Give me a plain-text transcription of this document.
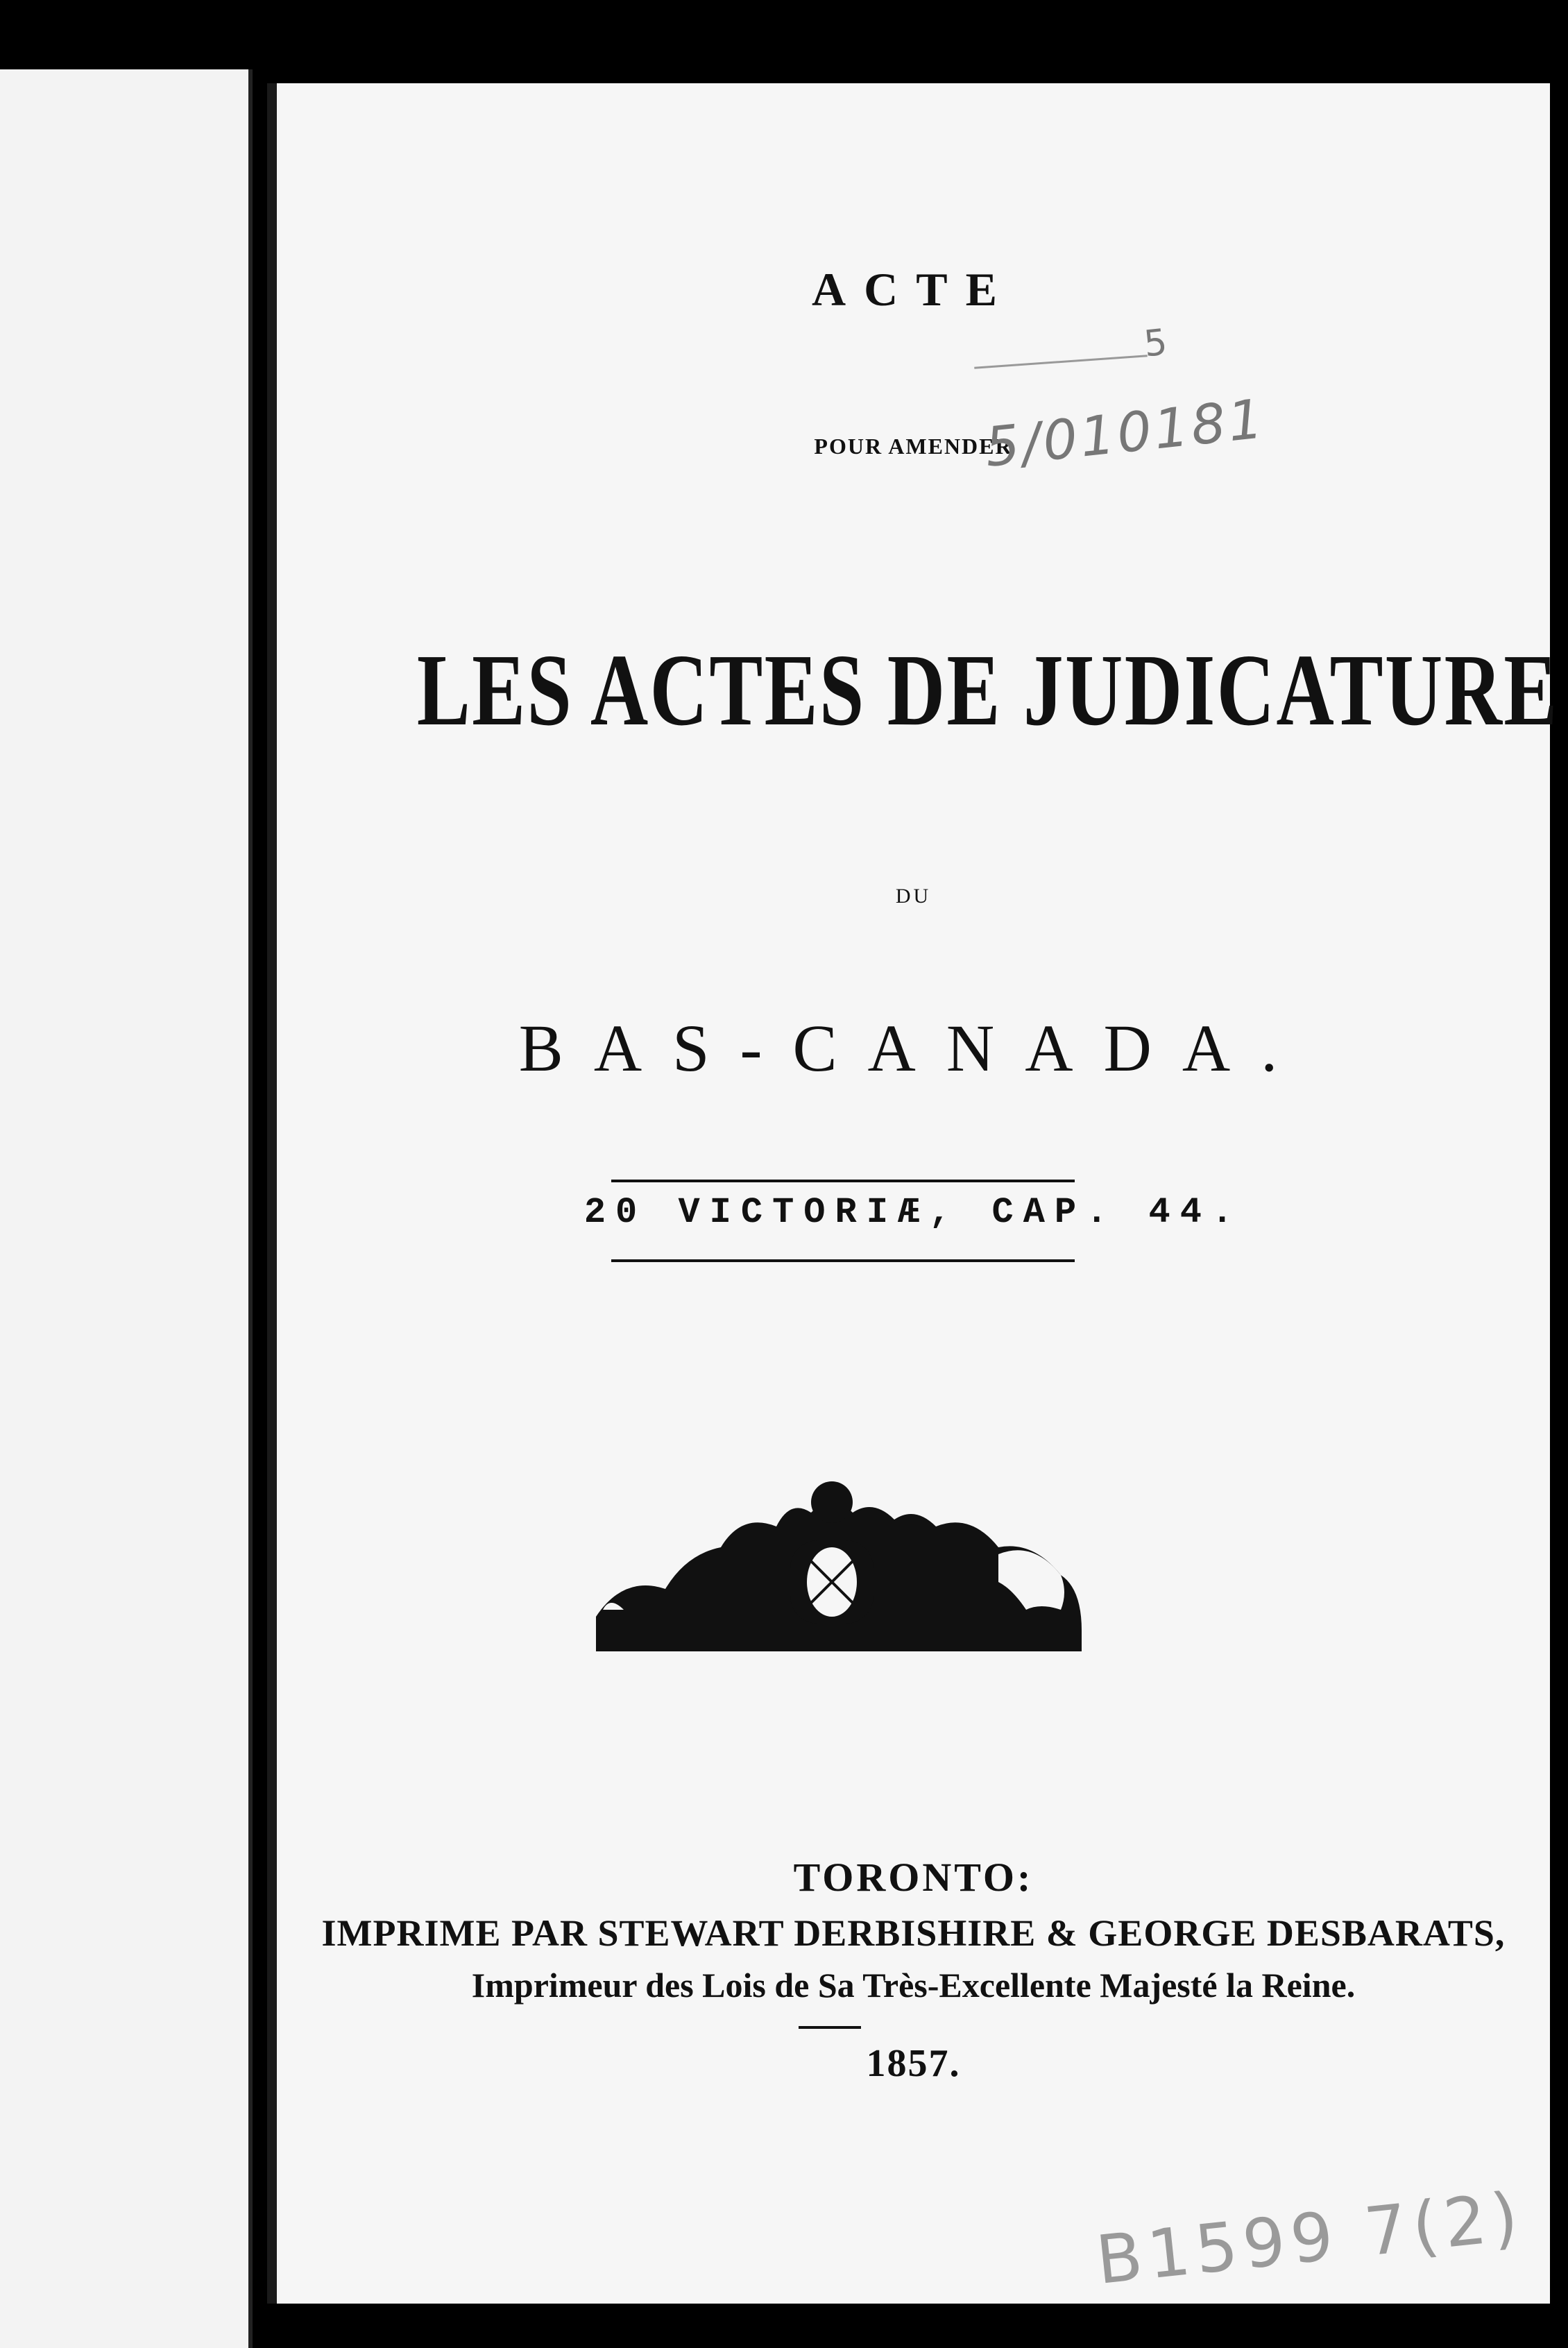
ACTE
POUR AMENDER
LES ACTES DE JUDICATURE
DU
BAS-CANADA.
20 VICTORIÆ, CAP. 44.
TORONTO:
IMPRIME PAR STEWART DERBISHIRE & GEORGE DESBARATS,
Imprimeur des Lois de Sa Très-Excellente Majesté la Reine.
1857.
5
5/010181
B1599 7(2)
